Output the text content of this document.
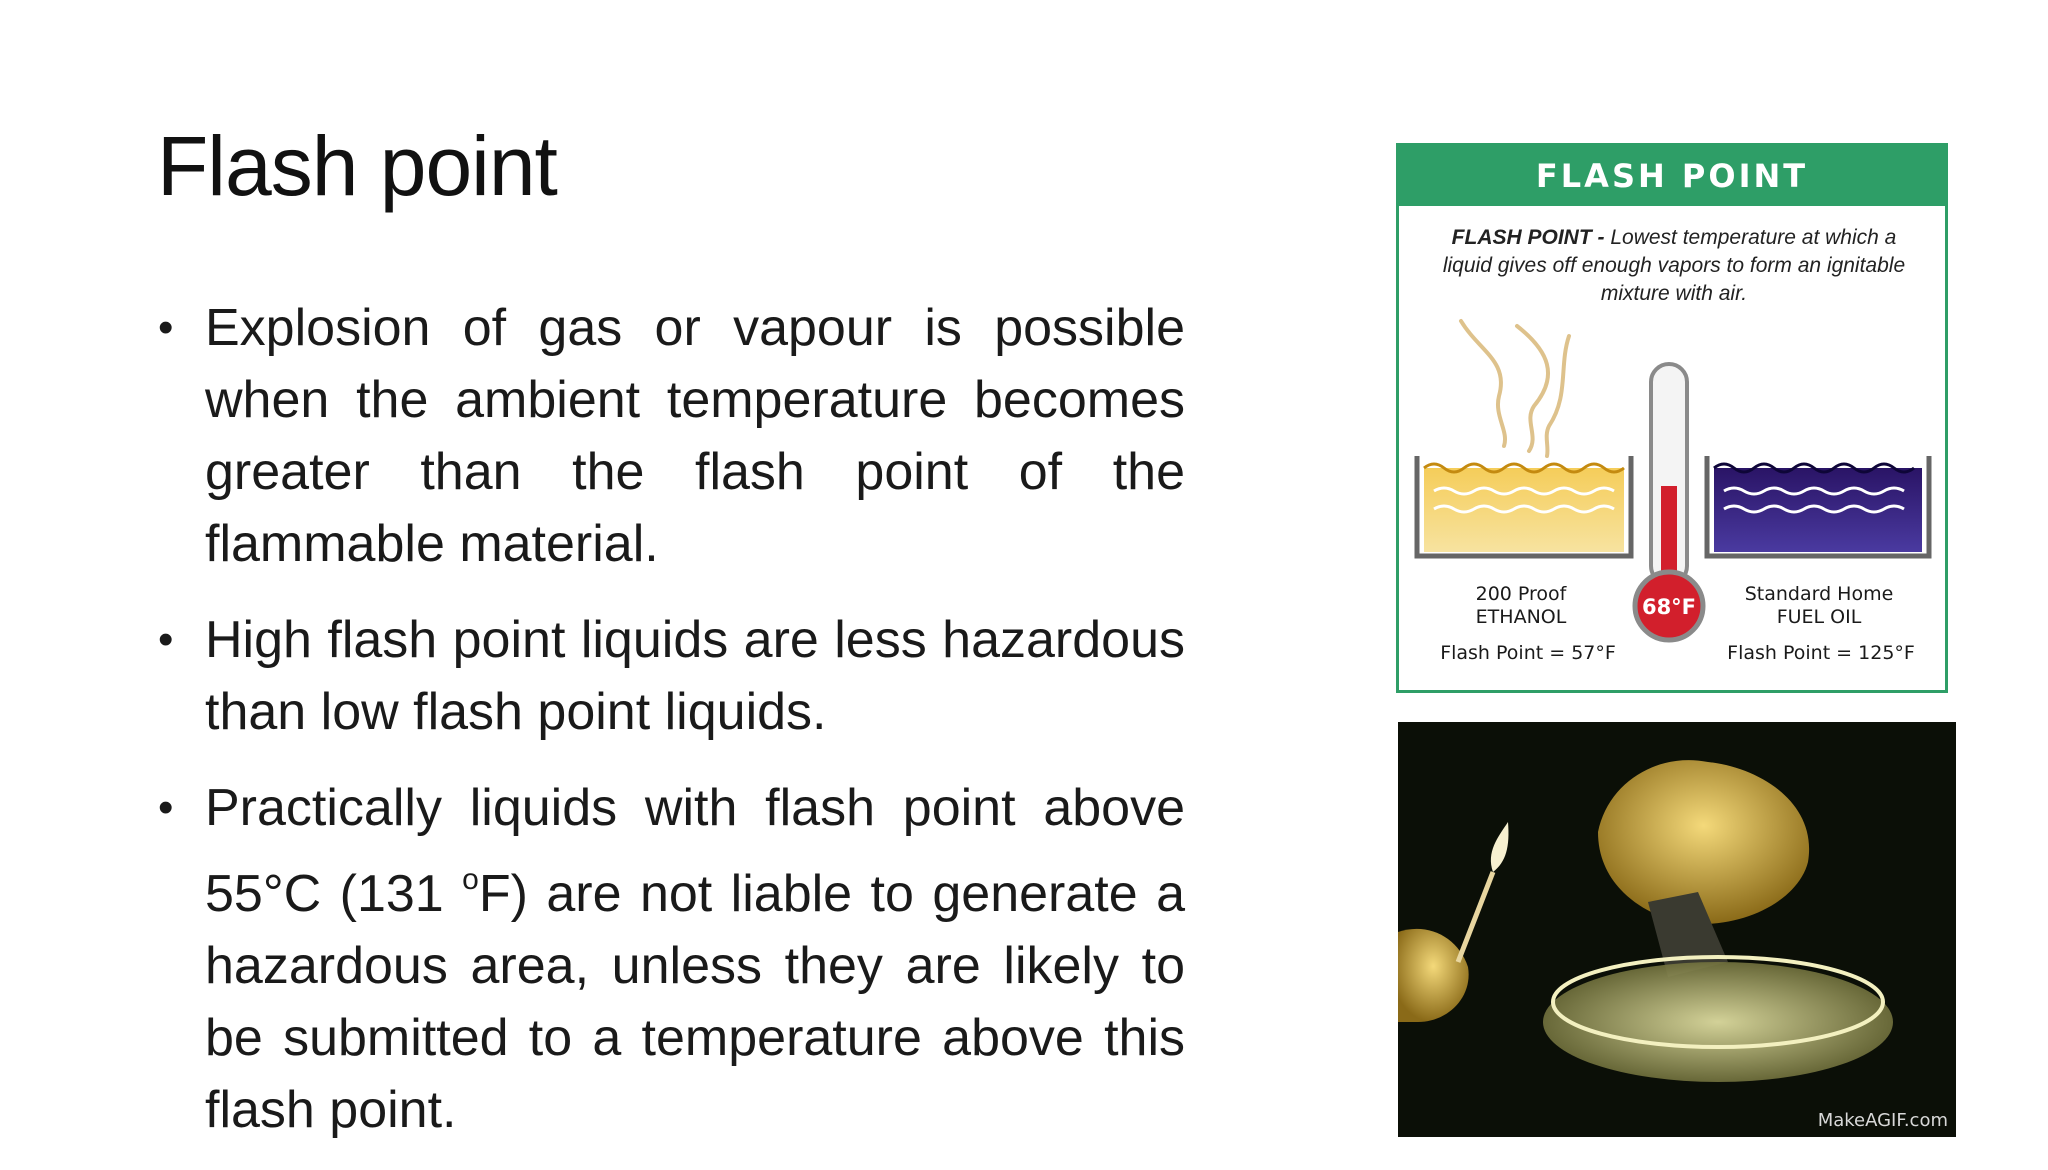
Flash point
• Explosion of gas or vapour is possible when the ambient temperature becomes greater than the flash point of the flammable material.
• High flash point liquids are less hazardous than low flash point liquids.
• Practically liquids with flash point above 55°C (131 $^o$F) are not liable to generate a hazardous area, unless they are likely to be submitted to a temperature above this flash point.
FLASH POINT
FLASH POINT - Lowest temperature at which a liquid gives off enough vapors to form an ignitable mixture with air.
68°F
200 Proof
ETHANOL
Flash Point = 57°F
Standard Home
FUEL OIL
Flash Point = 125°F
MakeAGIF.com
